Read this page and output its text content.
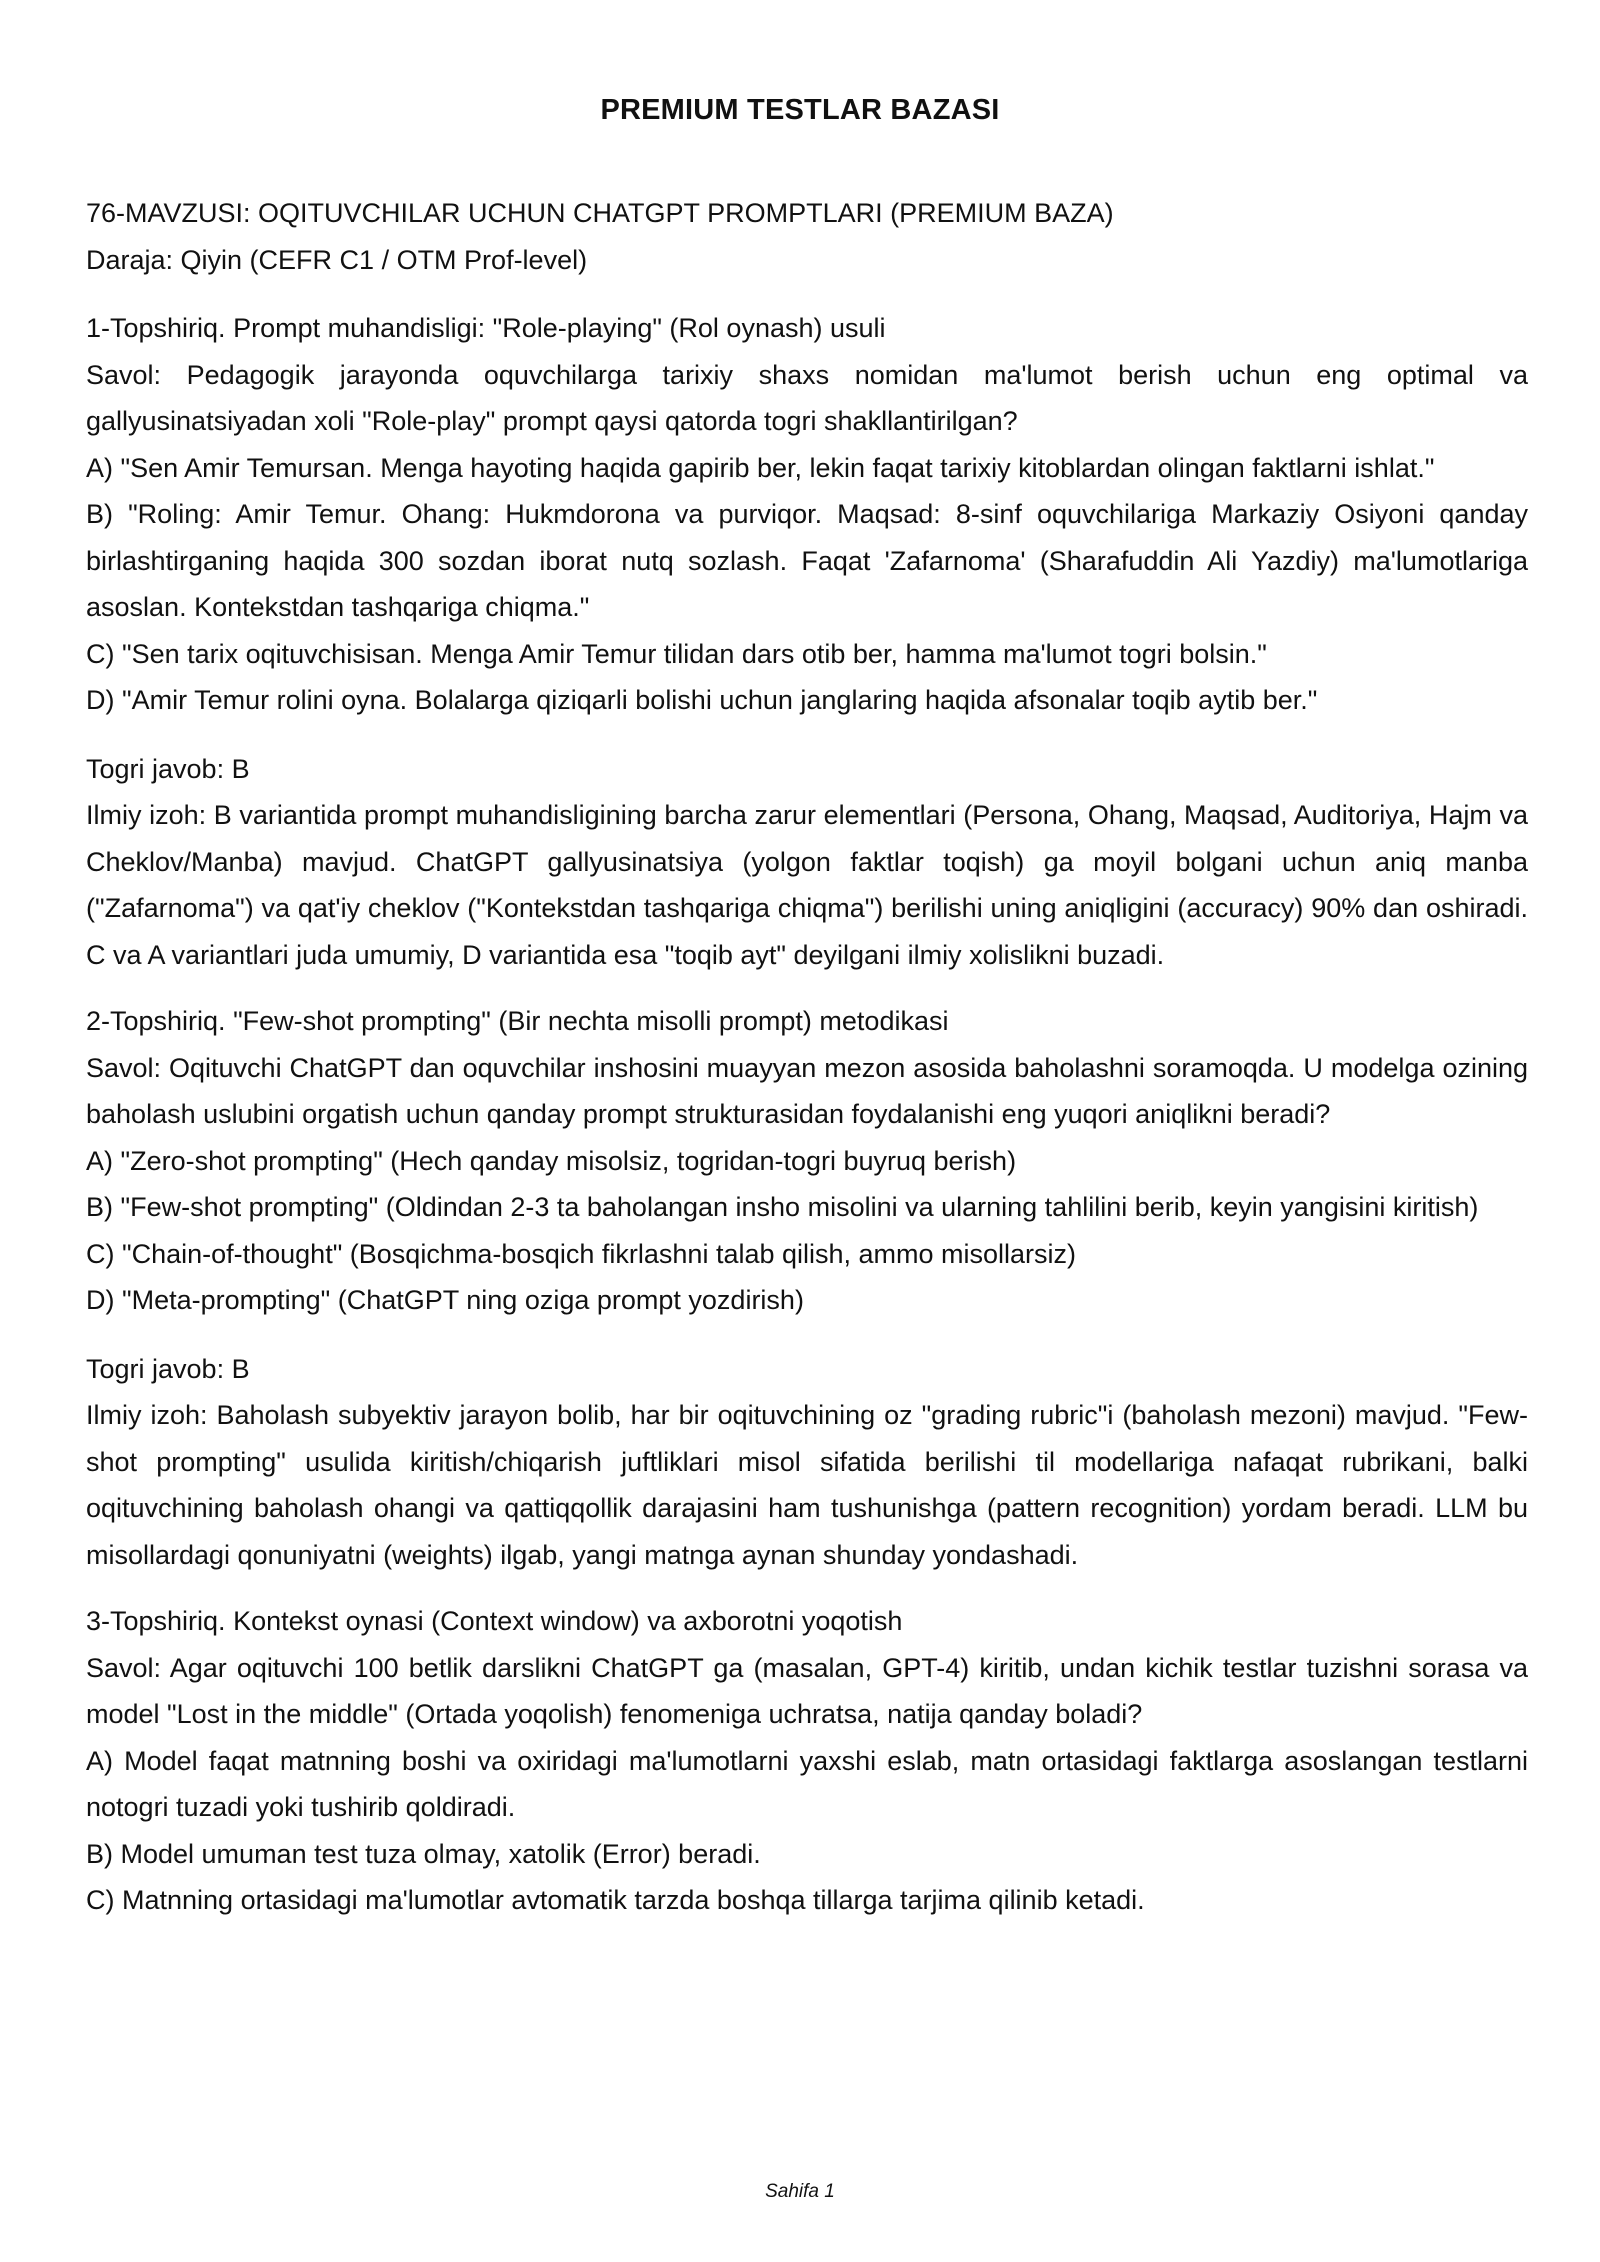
PREMIUM TESTLAR BAZASI

76-MAVZUSI: OQITUVCHILAR UCHUN CHATGPT PROMPTLARI (PREMIUM BAZA)

Daraja: Qiyin (CEFR C1 / OTM Prof-level)

1-Topshiriq. Prompt muhandisligi: "Role-playing" (Rol oynash) usuli

Savol: Pedagogik jarayonda oquvchilarga tarixiy shaxs nomidan ma'lumot berish uchun eng optimal va gallyusinatsiyadan xoli "Role-play" prompt qaysi qatorda togri shakllantirilgan?

A) "Sen Amir Temursan. Menga hayoting haqida gapirib ber, lekin faqat tarixiy kitoblardan olingan faktlarni ishlat."

B) "Roling: Amir Temur. Ohang: Hukmdorona va purviqor. Maqsad: 8-sinf oquvchilariga Markaziy Osiyoni qanday birlashtirganing haqida 300 sozdan iborat nutq sozlash. Faqat 'Zafarnoma' (Sharafuddin Ali Yazdiy) ma'lumotlariga asoslan. Kontekstdan tashqariga chiqma."

C) "Sen tarix oqituvchisisan. Menga Amir Temur tilidan dars otib ber, hamma ma'lumot togri bolsin."

D) "Amir Temur rolini oyna. Bolalarga qiziqarli bolishi uchun janglaring haqida afsonalar toqib aytib ber."

Togri javob: B

Ilmiy izoh: B variantida prompt muhandisligining barcha zarur elementlari (Persona, Ohang, Maqsad, Auditoriya, Hajm va Cheklov/Manba) mavjud. ChatGPT gallyusinatsiya (yolgon faktlar toqish) ga moyil bolgani uchun aniq manba ("Zafarnoma") va qat'iy cheklov ("Kontekstdan tashqariga chiqma") berilishi uning aniqligini (accuracy) 90% dan oshiradi. C va A variantlari juda umumiy, D variantida esa "toqib ayt" deyilgani ilmiy xolislikni buzadi.

2-Topshiriq. "Few-shot prompting" (Bir nechta misolli prompt) metodikasi

Savol: Oqituvchi ChatGPT dan oquvchilar inshosini muayyan mezon asosida baholashni soramoqda. U modelga ozining baholash uslubini orgatish uchun qanday prompt strukturasidan foydalanishi eng yuqori aniqlikni beradi?

A) "Zero-shot prompting" (Hech qanday misolsiz, togridan-togri buyruq berish)

B) "Few-shot prompting" (Oldindan 2-3 ta baholangan insho misolini va ularning tahlilini berib, keyin yangisini kiritish)

C) "Chain-of-thought" (Bosqichma-bosqich fikrlashni talab qilish, ammo misollarsiz)

D) "Meta-prompting" (ChatGPT ning oziga prompt yozdirish)

Togri javob: B

Ilmiy izoh: Baholash subyektiv jarayon bolib, har bir oqituvchining oz "grading rubric"i (baholash mezoni) mavjud. "Few-shot prompting" usulida kiritish/chiqarish juftliklari misol sifatida berilishi til modellariga nafaqat rubrikani, balki oqituvchining baholash ohangi va qattiqqollik darajasini ham tushunishga (pattern recognition) yordam beradi. LLM bu misollardagi qonuniyatni (weights) ilgab, yangi matnga aynan shunday yondashadi.

3-Topshiriq. Kontekst oynasi (Context window) va axborotni yoqotish

Savol: Agar oqituvchi 100 betlik darslikni ChatGPT ga (masalan, GPT-4) kiritib, undan kichik testlar tuzishni sorasa va model "Lost in the middle" (Ortada yoqolish) fenomeniga uchratsa, natija qanday boladi?

A) Model faqat matnning boshi va oxiridagi ma'lumotlarni yaxshi eslab, matn ortasidagi faktlarga asoslangan testlarni notogri tuzadi yoki tushirib qoldiradi.

B) Model umuman test tuza olmay, xatolik (Error) beradi.

C) Matnning ortasidagi ma'lumotlar avtomatik tarzda boshqa tillarga tarjima qilinib ketadi.

Sahifa 1
